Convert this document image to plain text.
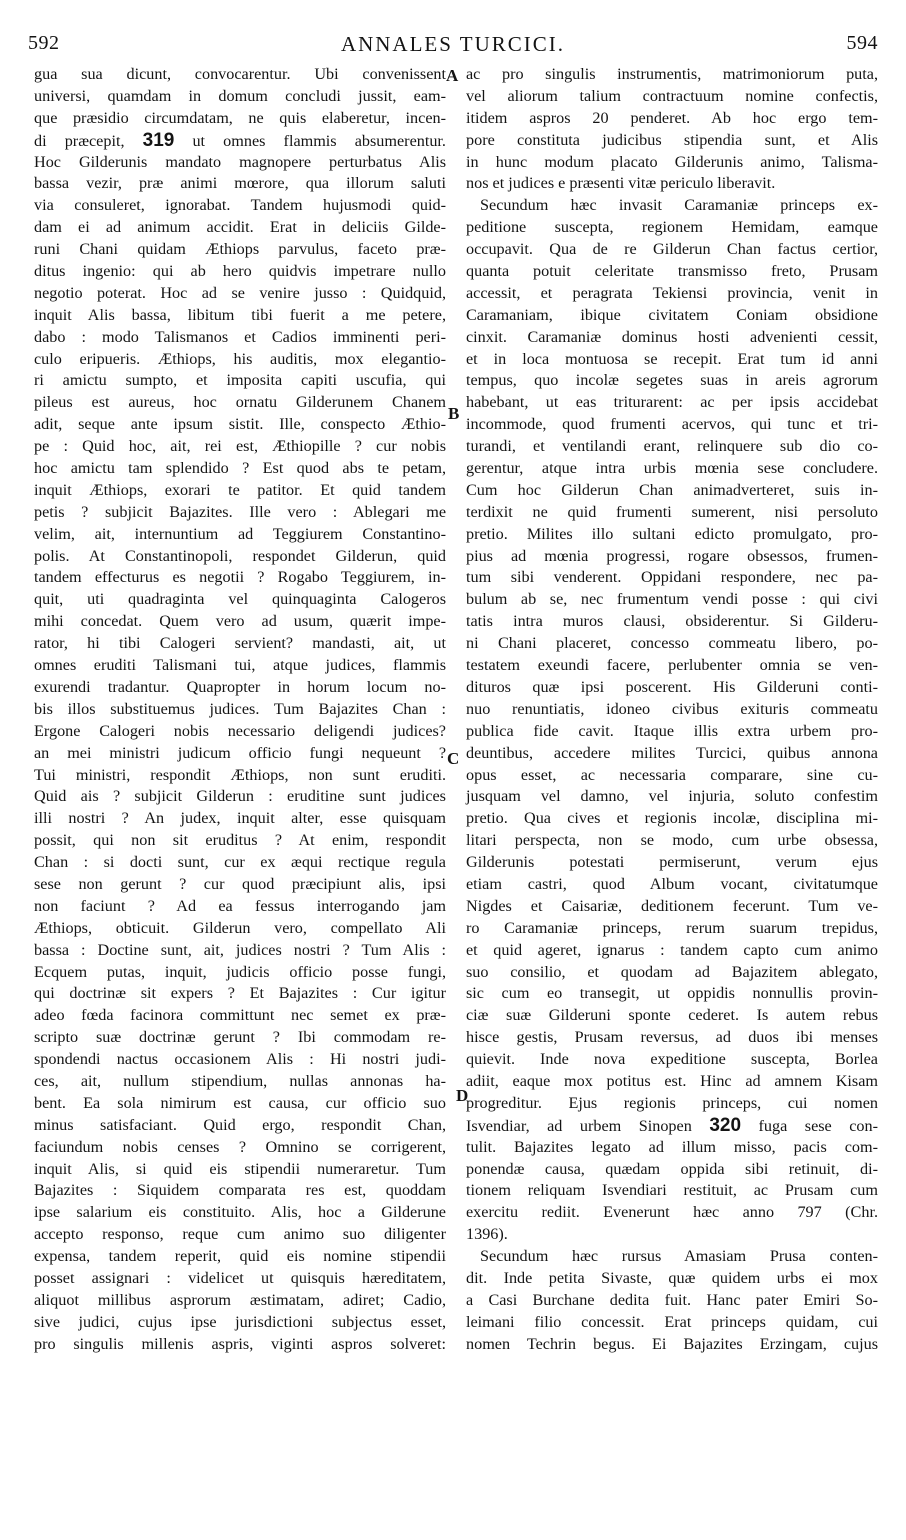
592	ANNALES TURCICI.	594
gua sua dicunt, convocarentur. Ubi convenissent
universi, quamdam in domum concludi jussit, eam-
que præsidio circumdatam, ne quis elaberetur, incen-
di præcepit, 319 ut omnes flammis absumerentur.
Hoc Gilderunis mandato magnopere perturbatus Alis
bassa vezir, præ animi mœrore, qua illorum saluti
via consuleret, ignorabat. Tandem hujusmodi quid-
dam ei ad animum accidit. Erat in deliciis Gilde-
runi Chani quidam Æthiops parvulus, faceto præ-
ditus ingenio: qui ab hero quidvis impetrare nullo
negotio poterat. Hoc ad se venire jusso : Quidquid,
inquit Alis bassa, libitum tibi fuerit a me petere,
dabo : modo Talismanos et Cadios imminenti peri-
culo eripueris. Æthiops, his auditis, mox elegantio-
ri amictu sumpto, et imposita capiti uscufia, qui
pileus est aureus, hoc ornatu Gilderunem Chanem
adit, seque ante ipsum sistit. Ille, conspecto Æthio-
pe : Quid hoc, ait, rei est, Æthiopille ? cur nobis
hoc amictu tam splendido ? Est quod abs te petam,
inquit Æthiops, exorari te patitor. Et quid tandem
petis ? subjicit Bajazites. Ille vero : Ablegari me
velim, ait, internuntium ad Teggiurem Constantino-
polis. At Constantinopoli, respondet Gilderun, quid
tandem effecturus es negotii ? Rogabo Teggiurem, in-
quit, uti quadraginta vel quinquaginta Calogeros
mihi concedat. Quem vero ad usum, quærit impe-
rator, hi tibi Calogeri servient? mandasti, ait, ut
omnes eruditi Talismani tui, atque judices, flammis
exurendi tradantur. Quapropter in horum locum no-
bis illos substituemus judices. Tum Bajazites Chan :
Ergone Calogeri nobis necessario deligendi judices?
an mei ministri judicum officio fungi nequeunt ?
Tui ministri, respondit Æthiops, non sunt eruditi.
Quid ais ? subjicit Gilderun : eruditine sunt judices
illi nostri ? An judex, inquit alter, esse quisquam
possit, qui non sit eruditus ? At enim, respondit
Chan : si docti sunt, cur ex æqui rectique regula
sese non gerunt ? cur quod præcipiunt alis, ipsi
non faciunt ? Ad ea fessus interrogando jam
Æthiops, obticuit. Gilderun vero, compellato Ali
bassa : Doctine sunt, ait, judices nostri ? Tum Alis :
Ecquem putas, inquit, judicis officio posse fungi,
qui doctrinæ sit expers ? Et Bajazites : Cur igitur
adeo fœda facinora committunt nec semet ex præ-
scripto suæ doctrinæ gerunt ? Ibi commodam re-
spondendi nactus occasionem Alis : Hi nostri judi-
ces, ait, nullum stipendium, nullas annonas ha-
bent. Ea sola nimirum est causa, cur officio suo
minus satisfaciant. Quid ergo, respondit Chan,
faciundum nobis censes ? Omnino se corrigerent,
inquit Alis, si quid eis stipendii numeraretur. Tum
Bajazites : Siquidem comparata res est, quoddam
ipse salarium eis constituito. Alis, hoc a Gilderune
accepto responso, reque cum animo suo diligenter
expensa, tandem reperit, quid eis nomine stipendii
posset assignari : videlicet ut quisquis hæreditatem,
aliquot millibus asprorum æstimatam, adiret; Cadio,
sive judici, cujus ipse jurisdictioni subjectus esset,
pro singulis millenis aspris, viginti aspros solveret:
ac pro singulis instrumentis, matrimoniorum puta,
vel aliorum talium contractuum nomine confectis,
itidem aspros 20 penderet. Ab hoc ergo tem-
pore constituta judicibus stipendia sunt, et Alis
in hunc modum placato Gilderunis animo, Talisma-
nos et judices e præsenti vitæ periculo liberavit.
Secundum hæc invasit Caramaniæ princeps ex-
peditione suscepta, regionem Hemidam, eamque
occupavit. Qua de re Gilderun Chan factus certior,
quanta potuit celeritate transmisso freto, Prusam
accessit, et peragrata Tekiensi provincia, venit in
Caramaniam, ibique civitatem Coniam obsidione
cinxit. Caramaniæ dominus hosti advenienti cessit,
et in loca montuosa se recepit. Erat tum id anni
tempus, quo incolæ segetes suas in areis agrorum
habebant, ut eas triturarent: ac per ipsis accidebat
incommode, quod frumenti acervos, qui tunc et tri-
turandi, et ventilandi erant, relinquere sub dio co-
gerentur, atque intra urbis mœnia sese concludere.
Cum hoc Gilderun Chan animadverteret, suis in-
terdixit ne quid frumenti sumerent, nisi persoluto
pretio. Milites illo sultani edicto promulgato, pro-
pius ad mœnia progressi, rogare obsessos, frumen-
tum sibi venderent. Oppidani respondere, nec pa-
bulum ab se, nec frumentum vendi posse : qui civi
tatis intra muros clausi, obsiderentur. Si Gilderu-
ni Chani placeret, concesso commeatu libero, po-
testatem exeundi facere, perlubenter omnia se ven-
dituros quæ ipsi poscerent. His Gilderuni conti-
nuo renuntiatis, idoneo civibus exituris commeatu
publica fide cavit. Itaque illis extra urbem pro-
deuntibus, accedere milites Turcici, quibus annona
opus esset, ac necessaria comparare, sine cu-
jusquam vel damno, vel injuria, soluto confestim
pretio. Qua cives et regionis incolæ, disciplina mi-
litari perspecta, non se modo, cum urbe obsessa,
Gilderunis potestati permiserunt, verum ejus
etiam castri, quod Album vocant, civitatumque
Nigdes et Caisariæ, deditionem fecerunt. Tum ve-
ro Caramaniæ princeps, rerum suarum trepidus,
et quid ageret, ignarus : tandem capto cum animo
suo consilio, et quodam ad Bajazitem ablegato,
sic cum eo transegit, ut oppidis nonnullis provin-
ciæ suæ Gilderuni sponte cederet. Is autem rebus
hisce gestis, Prusam reversus, ad duos ibi menses
quievit. Inde nova expeditione suscepta, Borlea
adiit, eaque mox potitus est. Hinc ad amnem Kisam
progreditur. Ejus regionis princeps, cui nomen
Isvendiar, ad urbem Sinopen 320 fuga sese con-
tulit. Bajazites legato ad illum misso, pacis com-
ponendæ causa, quædam oppida sibi retinuit, di-
tionem reliquam Isvendiari restituit, ac Prusam cum
exercitu rediit. Evenerunt hæc anno 797 (Chr.
1396).
Secundum hæc rursus Amasiam Prusa conten-
dit. Inde petita Sivaste, quæ quidem urbs ei mox
a Casi Burchane dedita fuit. Hanc pater Emiri So-
leimani filio concessit. Erat princeps quidam, cui
nomen Techrin begus. Ei Bajazites Erzingam, cujus
A
B
C
D
